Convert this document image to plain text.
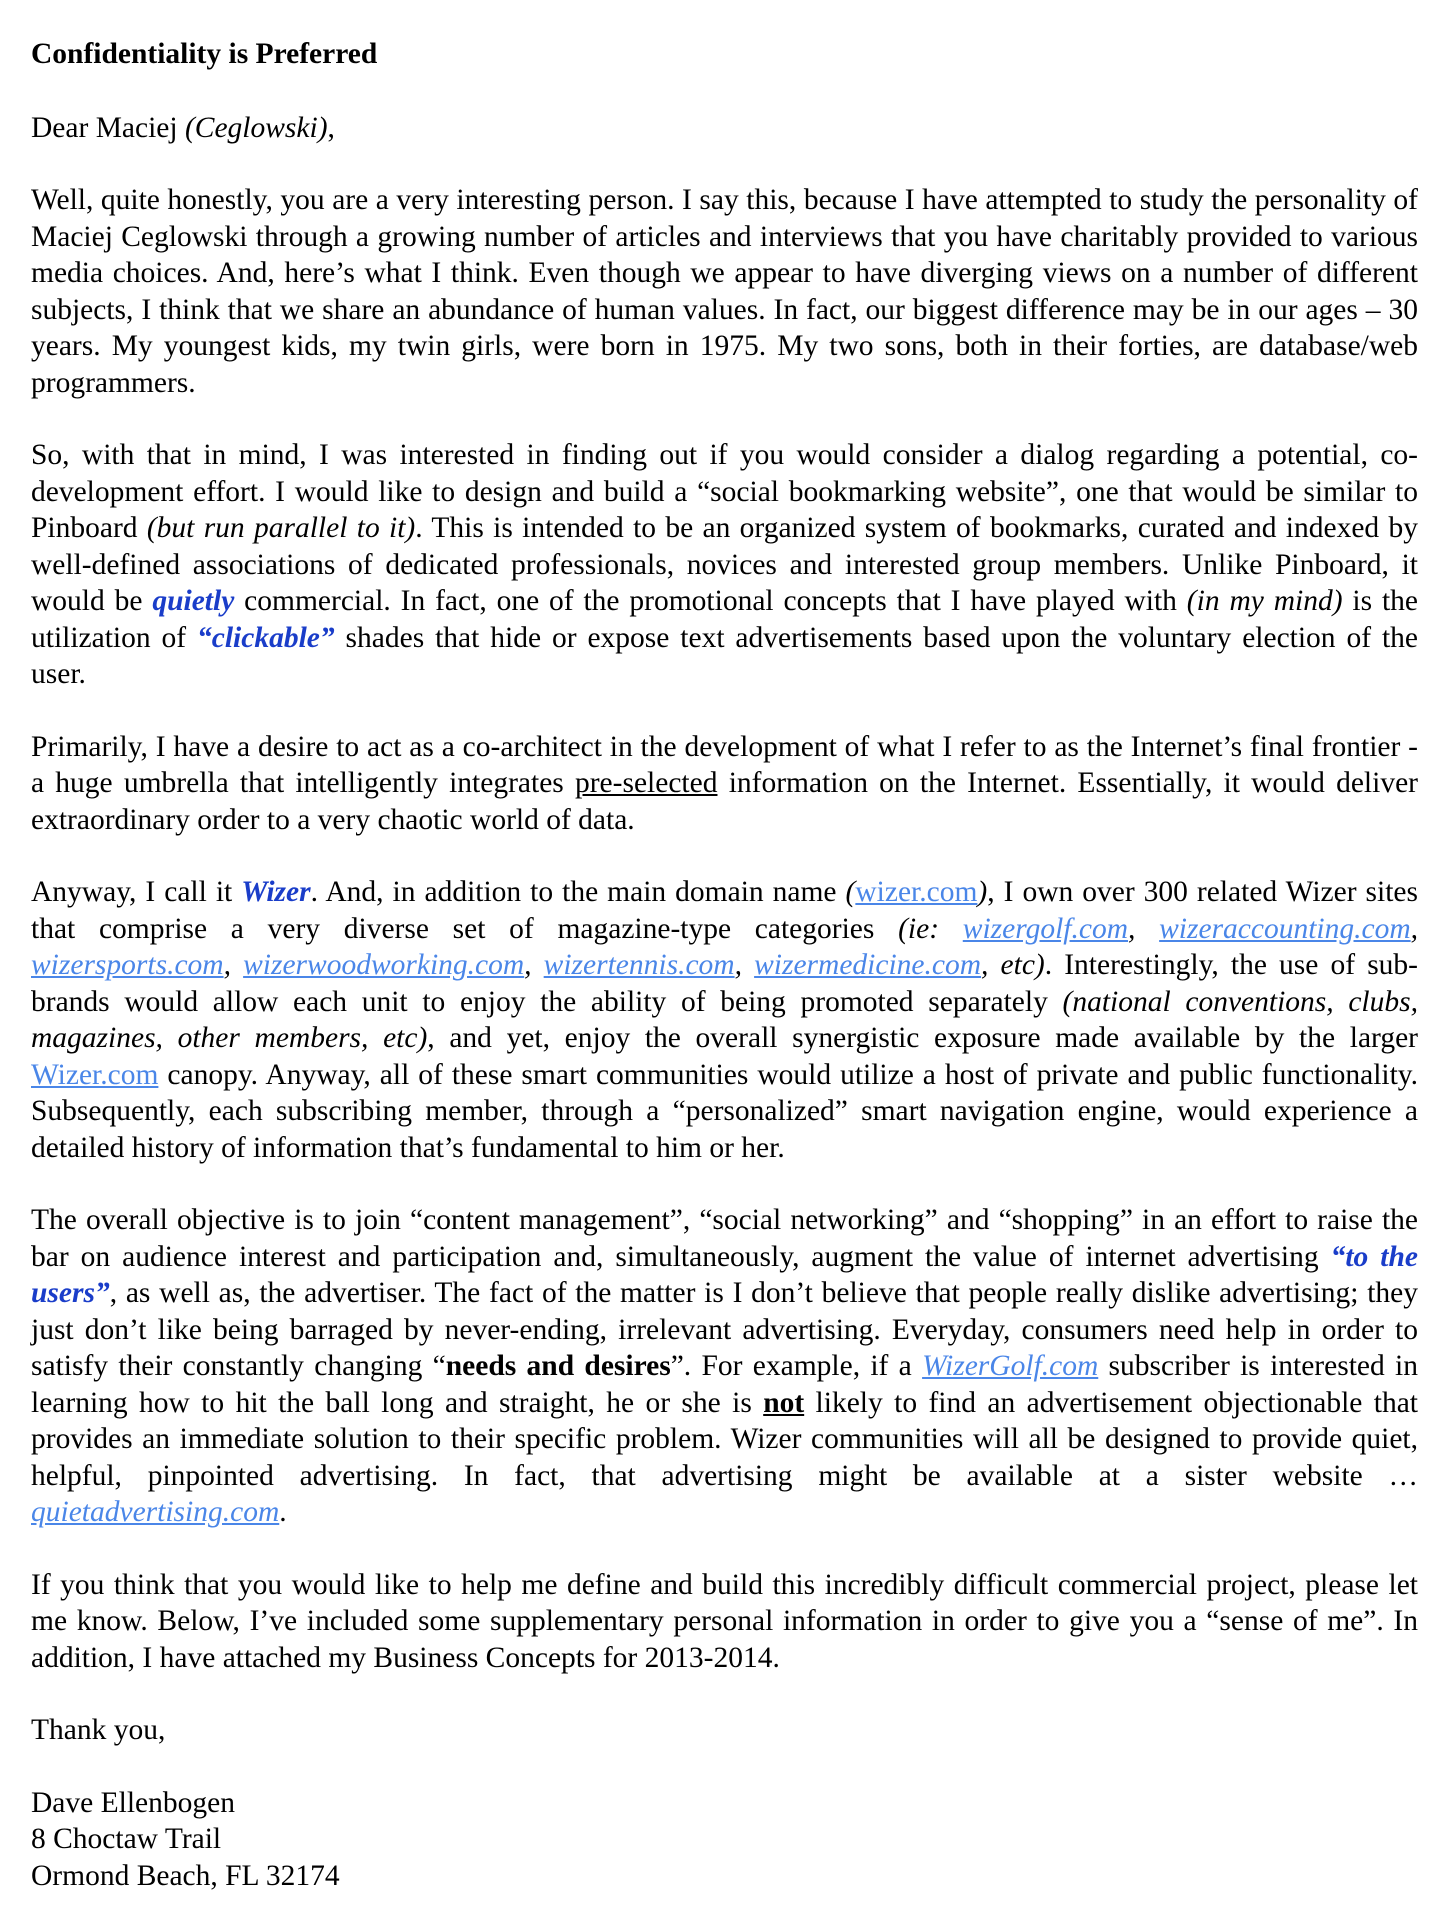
Confidentiality is Preferred

Dear Maciej (Ceglowski),

Well, quite honestly, you are a very interesting person. I say this, because I have attempted to study the personality of Maciej Ceglowski through a growing number of articles and interviews that you have charitably provided to various media choices. And, here’s what I think. Even though we appear to have diverging views on a number of different subjects, I think that we share an abundance of human values. In fact, our biggest difference may be in our ages – 30 years. My youngest kids, my twin girls, were born in 1975. My two sons, both in their forties, are database/web programmers.

So, with that in mind, I was interested in finding out if you would consider a dialog regarding a potential, co-development effort. I would like to design and build a “social bookmarking website”, one that would be similar to Pinboard (but run parallel to it). This is intended to be an organized system of bookmarks, curated and indexed by well-defined associations of dedicated professionals, novices and interested group members. Unlike Pinboard, it would be quietly commercial. In fact, one of the promotional concepts that I have played with (in my mind) is the utilization of “clickable” shades that hide or expose text advertisements based upon the voluntary election of the user.

Primarily, I have a desire to act as a co-architect in the development of what I refer to as the Internet’s final frontier - a huge umbrella that intelligently integrates pre-selected information on the Internet. Essentially, it would deliver extraordinary order to a very chaotic world of data.

Anyway, I call it Wizer. And, in addition to the main domain name (wizer.com), I own over 300 related Wizer sites that comprise a very diverse set of magazine-type categories (ie: wizergolf.com, wizeraccounting.com, wizersports.com, wizerwoodworking.com, wizertennis.com, wizermedicine.com, etc). Interestingly, the use of sub-brands would allow each unit to enjoy the ability of being promoted separately (national conventions, clubs, magazines, other members, etc), and yet, enjoy the overall synergistic exposure made available by the larger Wizer.com canopy. Anyway, all of these smart communities would utilize a host of private and public functionality. Subsequently, each subscribing member, through a “personalized” smart navigation engine, would experience a detailed history of information that’s fundamental to him or her.

The overall objective is to join “content management”, “social networking” and “shopping” in an effort to raise the bar on audience interest and participation and, simultaneously, augment the value of internet advertising “to the users”, as well as, the advertiser. The fact of the matter is I don’t believe that people really dislike advertising; they just don’t like being barraged by never-ending, irrelevant advertising. Everyday, consumers need help in order to satisfy their constantly changing “needs and desires”. For example, if a WizerGolf.com subscriber is interested in learning how to hit the ball long and straight, he or she is not likely to find an advertisement objectionable that provides an immediate solution to their specific problem. Wizer communities will all be designed to provide quiet, helpful, pinpointed advertising. In fact, that advertising might be available at a sister website … quietadvertising.com.

If you think that you would like to help me define and build this incredibly difficult commercial project, please let me know. Below, I’ve included some supplementary personal information in order to give you a “sense of me”. In addition, I have attached my Business Concepts for 2013-2014.

Thank you,

Dave Ellenbogen
8 Choctaw Trail
Ormond Beach, FL 32174
